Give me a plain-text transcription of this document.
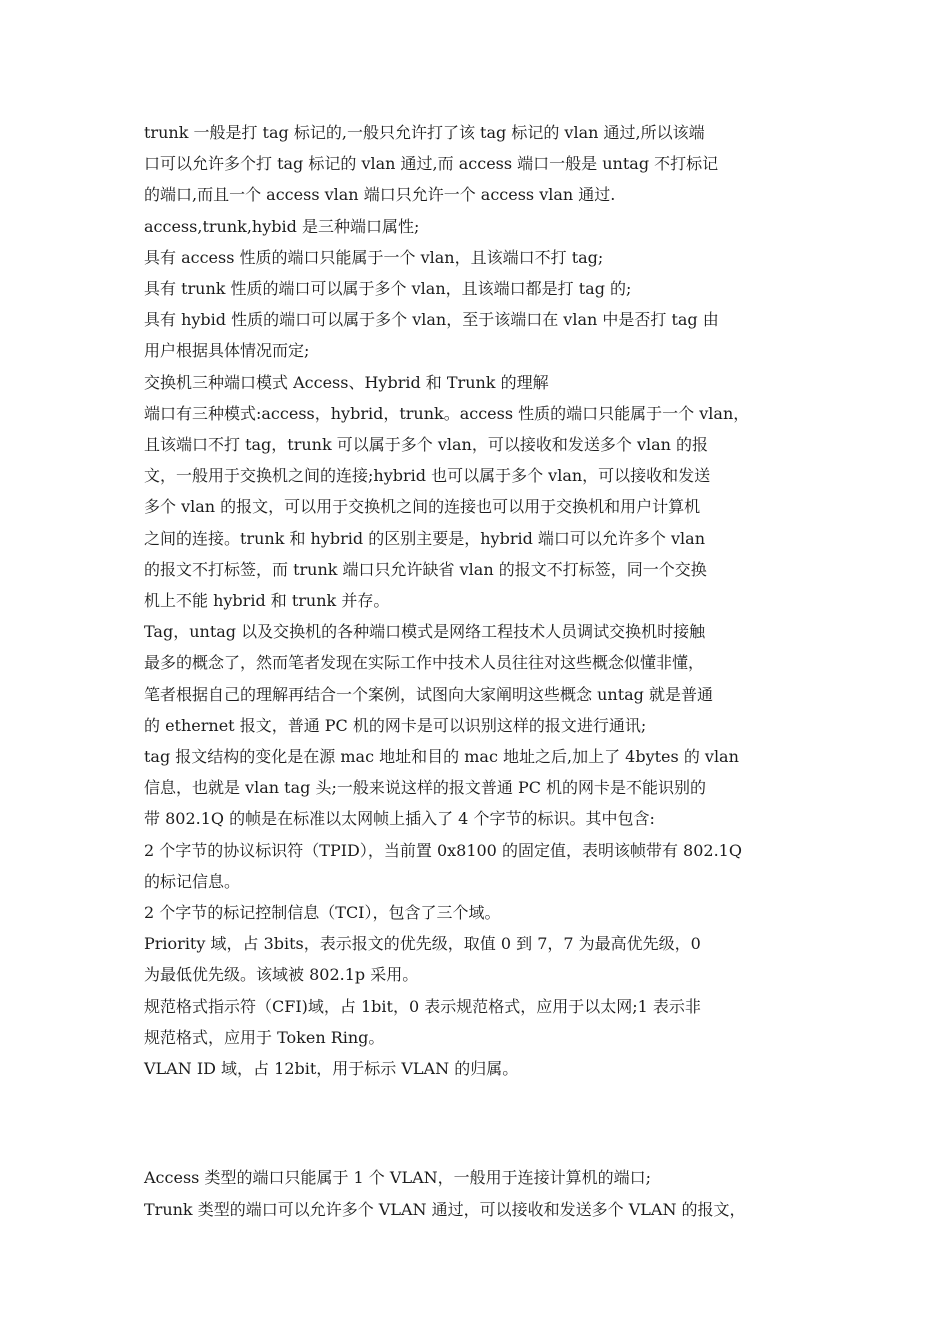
trunk 一般是打 tag 标记的,一般只允许打了该 tag 标记的 vlan 通过,所以该端
口可以允许多个打 tag 标记的 vlan 通过,而 access 端口一般是 untag 不打标记
的端口,而且一个 access vlan 端口只允许一个 access vlan 通过.
access,trunk,hybid 是三种端口属性;
具有 access 性质的端口只能属于一个 vlan，且该端口不打 tag;
具有 trunk 性质的端口可以属于多个 vlan，且该端口都是打 tag 的;
具有 hybid 性质的端口可以属于多个 vlan，至于该端口在 vlan 中是否打 tag 由
用户根据具体情况而定;
交换机三种端口模式 Access、Hybrid 和 Trunk 的理解
端口有三种模式:access，hybrid，trunk。access 性质的端口只能属于一个 vlan，
且该端口不打 tag，trunk 可以属于多个 vlan，可以接收和发送多个 vlan 的报
文，一般用于交换机之间的连接;hybrid 也可以属于多个 vlan，可以接收和发送
多个 vlan 的报文，可以用于交换机之间的连接也可以用于交换机和用户计算机
之间的连接。trunk 和 hybrid 的区别主要是，hybrid 端口可以允许多个 vlan
的报文不打标签，而 trunk 端口只允许缺省 vlan 的报文不打标签，同一个交换
机上不能 hybrid 和 trunk 并存。
Tag，untag 以及交换机的各种端口模式是网络工程技术人员调试交换机时接触
最多的概念了，然而笔者发现在实际工作中技术人员往往对这些概念似懂非懂，
笔者根据自己的理解再结合一个案例，试图向大家阐明这些概念 untag 就是普通
的 ethernet 报文，普通 PC 机的网卡是可以识别这样的报文进行通讯;
tag 报文结构的变化是在源 mac 地址和目的 mac 地址之后,加上了 4bytes 的 vlan
信息，也就是 vlan tag 头;一般来说这样的报文普通 PC 机的网卡是不能识别的
带 802.1Q 的帧是在标准以太网帧上插入了 4 个字节的标识。其中包含:
2 个字节的协议标识符（TPID），当前置 0x8100 的固定值，表明该帧带有 802.1Q
的标记信息。
2 个字节的标记控制信息（TCI），包含了三个域。
Priority 域，占 3bits，表示报文的优先级，取值 0 到 7，7 为最高优先级，0
为最低优先级。该域被 802.1p 采用。
规范格式指示符（CFI)域，占 1bit，0 表示规范格式，应用于以太网;1 表示非
规范格式，应用于 Token Ring。
VLAN ID 域，占 12bit，用于标示 VLAN 的归属。
Access 类型的端口只能属于 1 个 VLAN，一般用于连接计算机的端口;
Trunk 类型的端口可以允许多个 VLAN 通过，可以接收和发送多个 VLAN 的报文，
